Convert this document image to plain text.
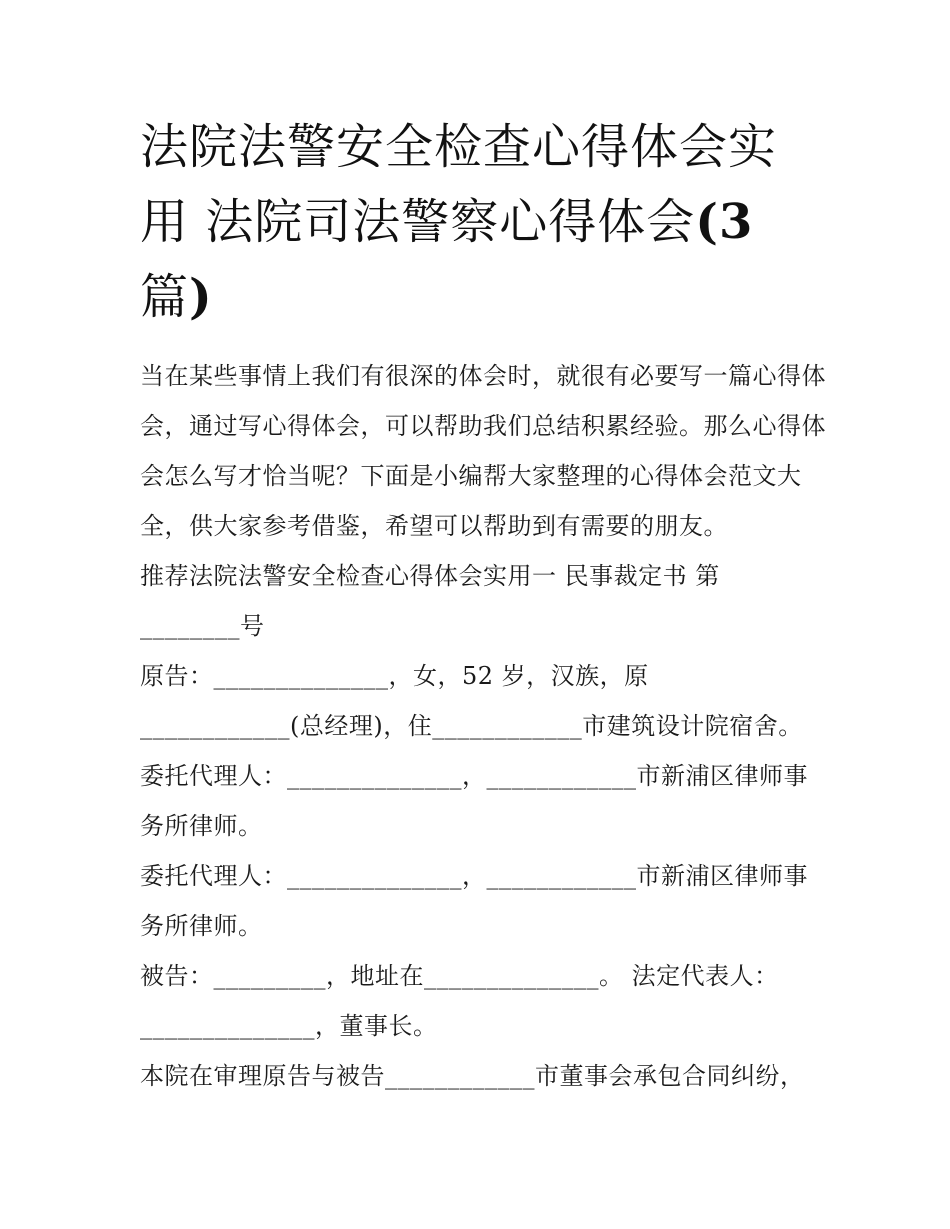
法院法警安全检查心得体会实
用 法院司法警察心得体会(3
篇)

当在某些事情上我们有很深的体会时，就很有必要写一篇心得体会，通过写心得体会，可以帮助我们总结积累经验。那么心得体会怎么写才恰当呢？下面是小编帮大家整理的心得体会范文大全，供大家参考借鉴，希望可以帮助到有需要的朋友。

推荐法院法警安全检查心得体会实用一 民事裁定书 第
________号

原告：______________，女，52 岁，汉族，原____________(总经理)，住____________市建筑设计院宿舍。

委托代理人：______________，____________市新浦区律师事务所律师。

委托代理人：______________，____________市新浦区律师事务所律师。

被告：_________，地址在______________。 法定代表人：______________，董事长。

本院在审理原告与被告____________市董事会承包合同纠纷，
